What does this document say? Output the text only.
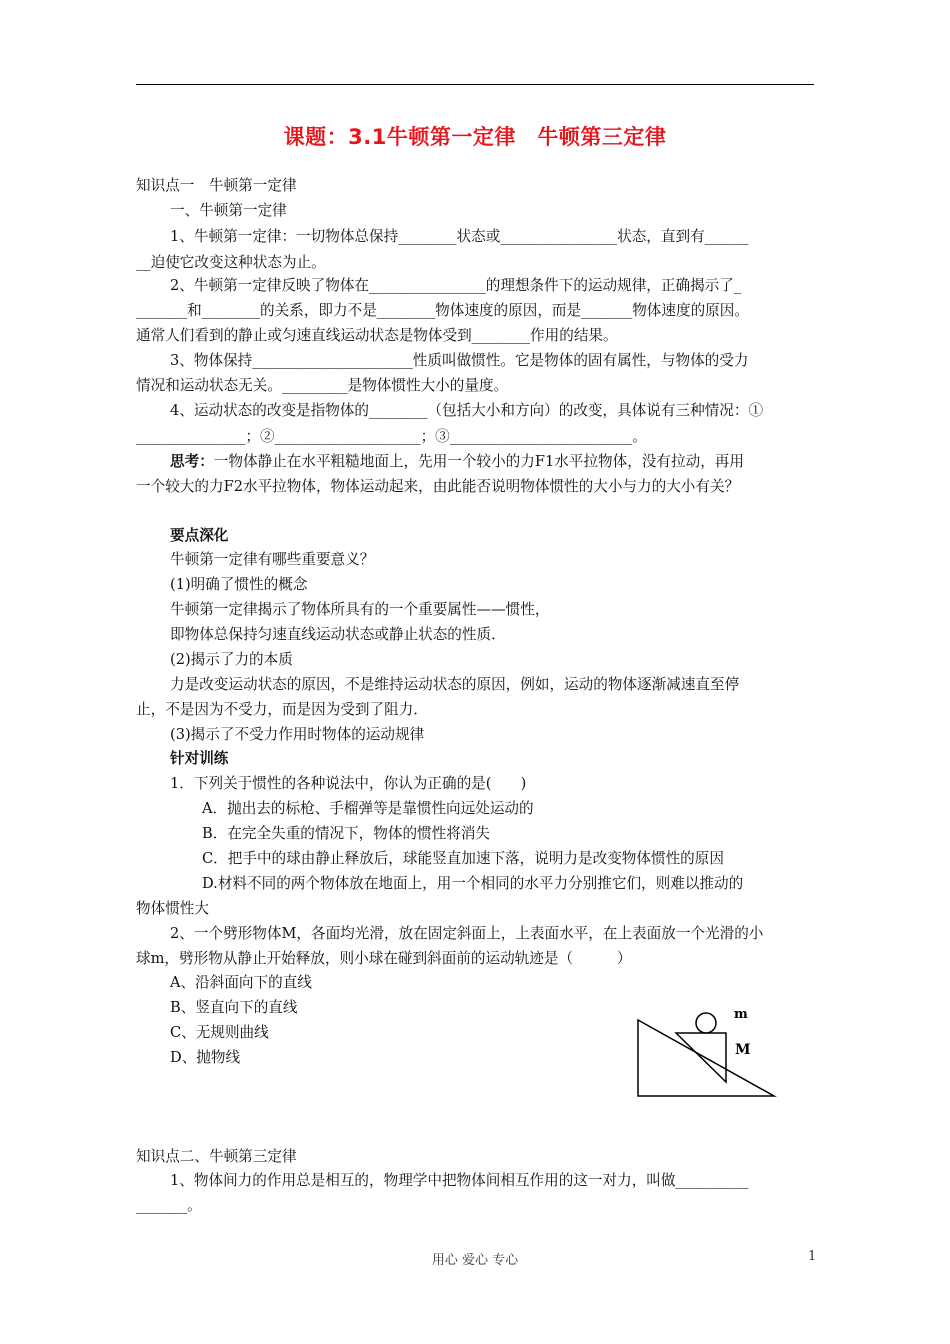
课题：3.1牛顿第一定律　牛顿第三定律
知识点一　牛顿第一定律
一、牛顿第一定律
1、牛顿第一定律：一切物体总保持________状态或________________状态，直到有______
__迫使它改变这种状态为止。
2、牛顿第一定律反映了物体在________________的理想条件下的运动规律，正确揭示了_
_______和________的关系，即力不是________物体速度的原因，而是_______物体速度的原因。
通常人们看到的静止或匀速直线运动状态是物体受到________作用的结果。
3、物体保持______________________性质叫做惯性。它是物体的固有属性，与物体的受力
情况和运动状态无关。_________是物体惯性大小的量度。
4、运动状态的改变是指物体的________（包括大小和方向）的改变，具体说有三种情况：①
_______________；②____________________；③_________________________。
思考：一物体静止在水平粗糙地面上，先用一个较小的力F1水平拉物体，没有拉动，再用
一个较大的力F2水平拉物体，物体运动起来，由此能否说明物体惯性的大小与力的大小有关？
要点深化
牛顿第一定律有哪些重要意义？
(1)明确了惯性的概念
牛顿第一定律揭示了物体所具有的一个重要属性——惯性，
即物体总保持匀速直线运动状态或静止状态的性质．
(2)揭示了力的本质
力是改变运动状态的原因，不是维持运动状态的原因，例如，运动的物体逐渐减速直至停
止，不是因为不受力，而是因为受到了阻力．
(3)揭示了不受力作用时物体的运动规律
针对训练
1．下列关于惯性的各种说法中，你认为正确的是(　　)
A．抛出去的标枪、手榴弹等是靠惯性向远处运动的
B．在完全失重的情况下，物体的惯性将消失
C．把手中的球由静止释放后，球能竖直加速下落，说明力是改变物体惯性的原因
D.材料不同的两个物体放在地面上，用一个相同的水平力分别推它们，则难以推动的
物体惯性大
2、一个劈形物体M，各面均光滑，放在固定斜面上，上表面水平，在上表面放一个光滑的小
球m，劈形物从静止开始释放，则小球在碰到斜面前的运动轨迹是（　　　）
A、沿斜面向下的直线
B、竖直向下的直线
C、无规则曲线
D、抛物线
m
M
知识点二、牛顿第三定律
1、物体间力的作用总是相互的，物理学中把物体间相互作用的这一对力，叫做__________
_______。
用心 爱心 专心	1
